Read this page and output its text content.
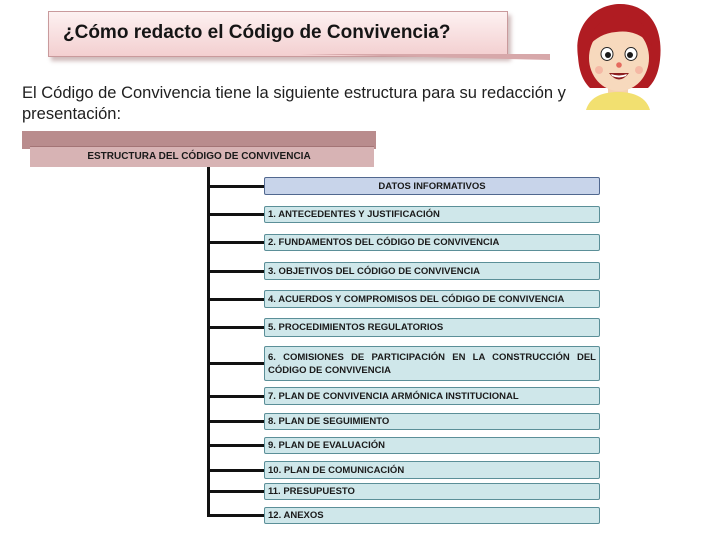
¿Cómo redacto el Código de Convivencia?
El Código de Convivencia tiene la siguiente estructura para su redacción y presentación:
ESTRUCTURA DEL CÓDIGO DE CONVIVENCIA
DATOS INFORMATIVOS
1. ANTECEDENTES Y JUSTIFICACIÓN
2. FUNDAMENTOS DEL CÓDIGO DE CONVIVENCIA
3. OBJETIVOS DEL CÓDIGO DE CONVIVENCIA
4. ACUERDOS Y COMPROMISOS DEL CÓDIGO DE CONVIVENCIA
5. PROCEDIMIENTOS REGULATORIOS
6. COMISIONES DE PARTICIPACIÓN EN LA CONSTRUCCIÓN DEL CÓDIGO DE CONVIVENCIA
7. PLAN DE CONVIVENCIA ARMÓNICA INSTITUCIONAL
8. PLAN DE SEGUIMIENTO
9. PLAN DE EVALUACIÓN
10. PLAN DE COMUNICACIÓN
11. PRESUPUESTO
12. ANEXOS
